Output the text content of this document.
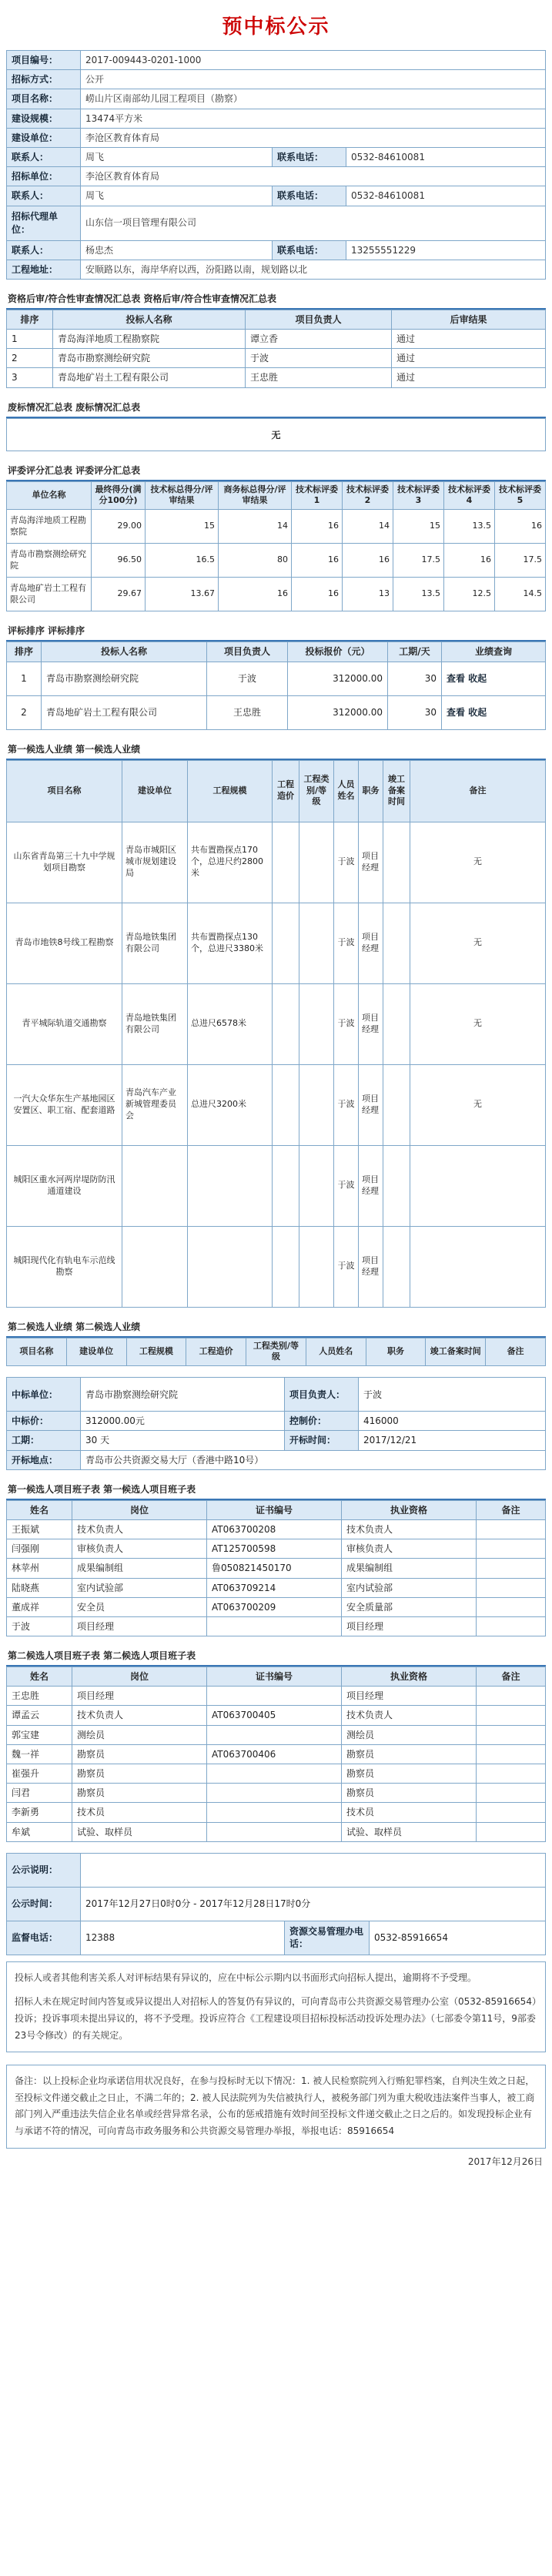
预中标公示
项目编号：	2017-009443-0201-1000		
招标方式：	公开		
项目名称：	崂山片区南部幼儿园工程项目（勘察）		
建设规模：	13474平方米		
建设单位：	李沧区教育体育局		
联系人：	周飞	联系电话：	0532-84610081
招标单位：	李沧区教育体育局		
联系人：	周飞	联系电话：	0532-84610081
招标代理单位：	山东信一项目管理有限公司		
联系人：	杨忠杰	联系电话：	13255551229
工程地址：	安顺路以东，海岸华府以西，汾阳路以南，规划路以北		
资格后审/符合性审查情况汇总表 资格后审/符合性审查情况汇总表
排序	投标人名称	项目负责人	后审结果
1	青岛海洋地质工程勘察院	谭立香	通过
2	青岛市勘察测绘研究院	于波	通过
3	青岛地矿岩土工程有限公司	王忠胜	通过
废标情况汇总表 废标情况汇总表
无
评委评分汇总表 评委评分汇总表
单位名称	最终得分(满分100分)	技术标总得分/评审结果	商务标总得分/评审结果	技术标评委1	技术标评委2	技术标评委3	技术标评委4	技术标评委5
青岛海洋地质工程勘察院	29.00	15	14	16	14	15	13.5	16
青岛市勘察测绘研究院	96.50	16.5	80	16	16	17.5	16	17.5
青岛地矿岩土工程有限公司	29.67	13.67	16	16	13	13.5	12.5	14.5
评标排序 评标排序
排序	投标人名称	项目负责人	投标报价（元）	工期/天	业绩查询
1	青岛市勘察测绘研究院	于波	312000.00	30	查看 收起
2	青岛地矿岩土工程有限公司	王忠胜	312000.00	30	查看 收起
第一候选人业绩 第一候选人业绩
项目名称	建设单位	工程规模	工程造价	工程类别/等级	人员姓名	职务	竣工备案时间	备注
山东省青岛第三十九中学规划项目勘察	青岛市城阳区城市规划建设局	共布置勘探点170个，总进尺约2800米			于波	项目经理		无
青岛市地铁8号线工程勘察	青岛地铁集团有限公司	共布置勘探点130个，总进尺3380米			于波	项目经理		无
青平城际轨道交通勘察	青岛地铁集团有限公司	总进尺6578米			于波	项目经理		无
一汽大众华东生产基地园区安置区、职工宿、配套道路	青岛汽车产业新城管理委员会	总进尺3200米			于波	项目经理		无
城阳区重水河两岸堤防防汛通道建设					于波	项目经理		
城阳现代化有轨电车示范线勘察					于波	项目经理		
第二候选人业绩 第二候选人业绩
项目名称	建设单位	工程规模	工程造价	工程类别/等级	人员姓名	职务	竣工备案时间	备注
中标单位：	青岛市勘察测绘研究院	项目负责人：	于波
中标价：	312000.00元	控制价：	416000
工期：	30 天	开标时间：	2017/12/21
开标地点：	青岛市公共资源交易大厅（香港中路10号）		
第一候选人项目班子表 第一候选人项目班子表
姓名	岗位	证书编号	执业资格	备注
王振斌	技术负责人	AT063700208	技术负责人	
闫强刚	审核负责人	AT125700598	审核负责人	
林苹州	成果编制组	鲁050821450170	成果编制组	
陆晓燕	室内试验部	AT063709214	室内试验部	
董成祥	安全员	AT063700209	安全质量部	
于波	项目经理		项目经理	
第二候选人项目班子表 第二候选人项目班子表
姓名	岗位	证书编号	执业资格	备注
王忠胜	项目经理		项目经理	
谭孟云	技术负责人	AT063700405	技术负责人	
郭宝建	测绘员		测绘员	
魏一祥	勘察员	AT063700406	勘察员	
崔强升	勘察员		勘察员	
闫君	勘察员		勘察员	
李新勇	技术员		技术员	
牟斌	试验、取样员		试验、取样员	
公示说明：			
公示时间：	2017年12月27日0时0分 - 2017年12月28日17时0分		
监督电话：	12388	资源交易管理办电话：	0532-85916654
投标人或者其他利害关系人对评标结果有异议的，应在中标公示期内以书面形式向招标人提出，逾期将不予受理。
招标人未在规定时间内答复或异议提出人对招标人的答复仍有异议的，可向青岛市公共资源交易管理办公室（0532-85916654）投诉；投诉事项未提出异议的，将不予受理。投诉应符合《工程建设项目招标投标活动投诉处理办法》（七部委令第11号，9部委23号令修改）的有关规定。
备注：以上投标企业均承诺信用状况良好，在参与投标时无以下情况：1. 被人民检察院列入行贿犯罪档案，自判决生效之日起，至投标文件递交截止之日止，不满二年的；2. 被人民法院列为失信被执行人，被税务部门列为重大税收违法案件当事人，被工商部门列入严重违法失信企业名单或经营异常名录，公布的惩戒措施有效时间至投标文件递交截止之日之后的。如发现投标企业有与承诺不符的情况，可向青岛市政务服务和公共资源交易管理办举报，举报电话：85916654
2017年12月26日
